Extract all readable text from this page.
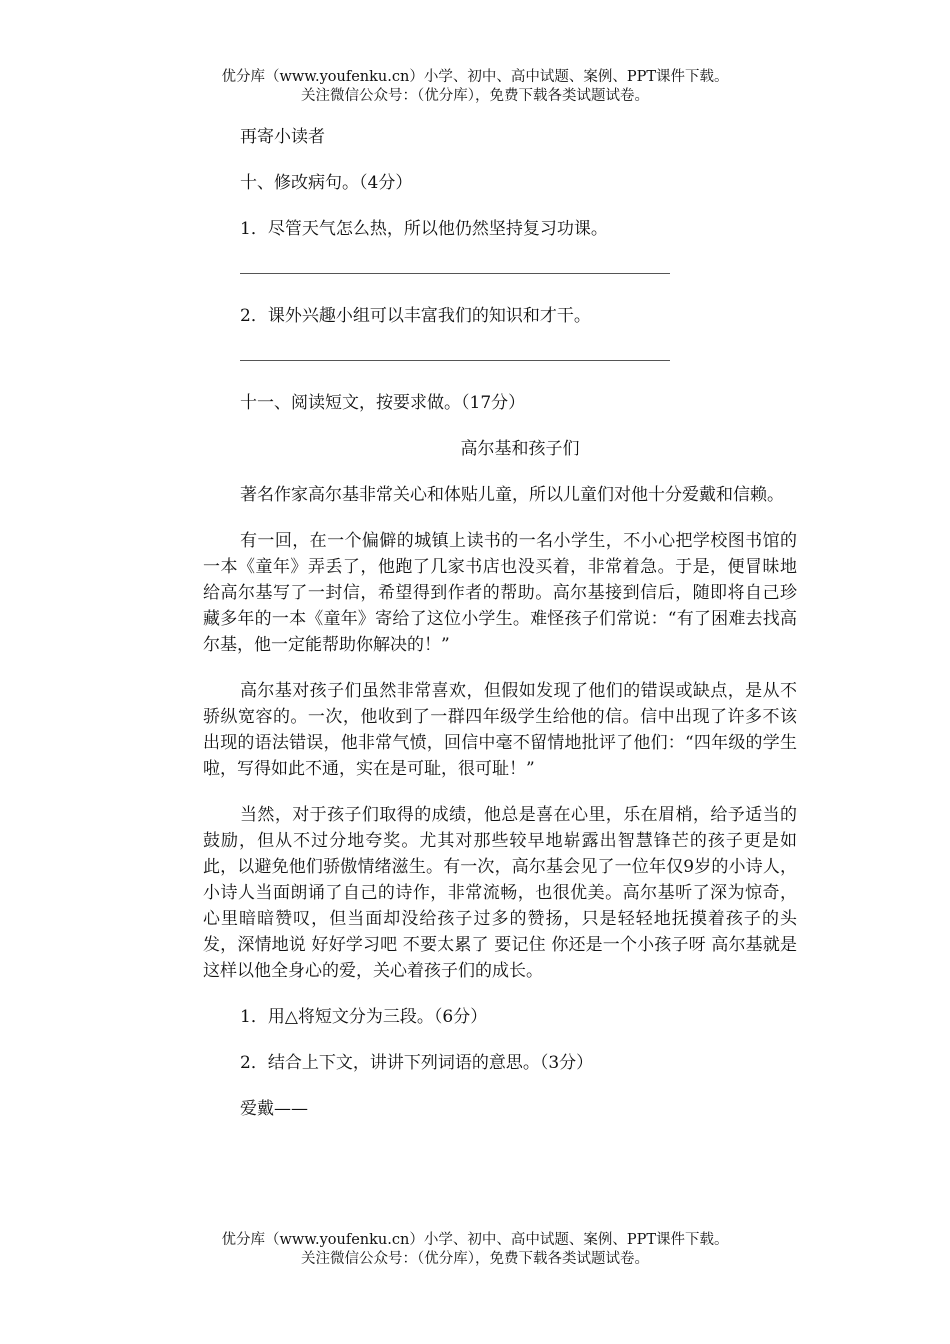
优分库（www.youfenku.cn）小学、初中、高中试题、案例、PPT课件下载。
关注微信公众号：（优分库），免费下载各类试题试卷。

再寄小读者

十、修改病句。（4分）

1．尽管天气怎么热，所以他仍然坚持复习功课。

2．课外兴趣小组可以丰富我们的知识和才干。

十一、阅读短文，按要求做。（17分）

高尔基和孩子们

著名作家高尔基非常关心和体贴儿童，所以儿童们对他十分爱戴和信赖。

有一回，在一个偏僻的城镇上读书的一名小学生，不小心把学校图书馆的一本《童年》弄丢了，他跑了几家书店也没买着，非常着急。于是，便冒昧地给高尔基写了一封信，希望得到作者的帮助。高尔基接到信后，随即将自己珍藏多年的一本《童年》寄给了这位小学生。难怪孩子们常说：“有了困难去找高尔基，他一定能帮助你解决的！”

高尔基对孩子们虽然非常喜欢，但假如发现了他们的错误或缺点，是从不骄纵宽容的。一次，他收到了一群四年级学生给他的信。信中出现了许多不该出现的语法错误，他非常气愤，回信中毫不留情地批评了他们：“四年级的学生啦，写得如此不通，实在是可耻，很可耻！”

当然，对于孩子们取得的成绩，他总是喜在心里，乐在眉梢，给予适当的鼓励，但从不过分地夸奖。尤其对那些较早地崭露出智慧锋芒的孩子更是如此，以避免他们骄傲情绪滋生。有一次，高尔基会见了一位年仅9岁的小诗人，小诗人当面朗诵了自己的诗作，非常流畅，也很优美。高尔基听了深为惊奇，心里暗暗赞叹，但当面却没给孩子过多的赞扬，只是轻轻地抚摸着孩子的头发，深情地说 好好学习吧 不要太累了 要记住 你还是一个小孩子呀 高尔基就是这样以他全身心的爱，关心着孩子们的成长。

1．用△将短文分为三段。（6分）

2．结合上下文，讲讲下列词语的意思。（3分）

爱戴——

优分库（www.youfenku.cn）小学、初中、高中试题、案例、PPT课件下载。
关注微信公众号：（优分库），免费下载各类试题试卷。
